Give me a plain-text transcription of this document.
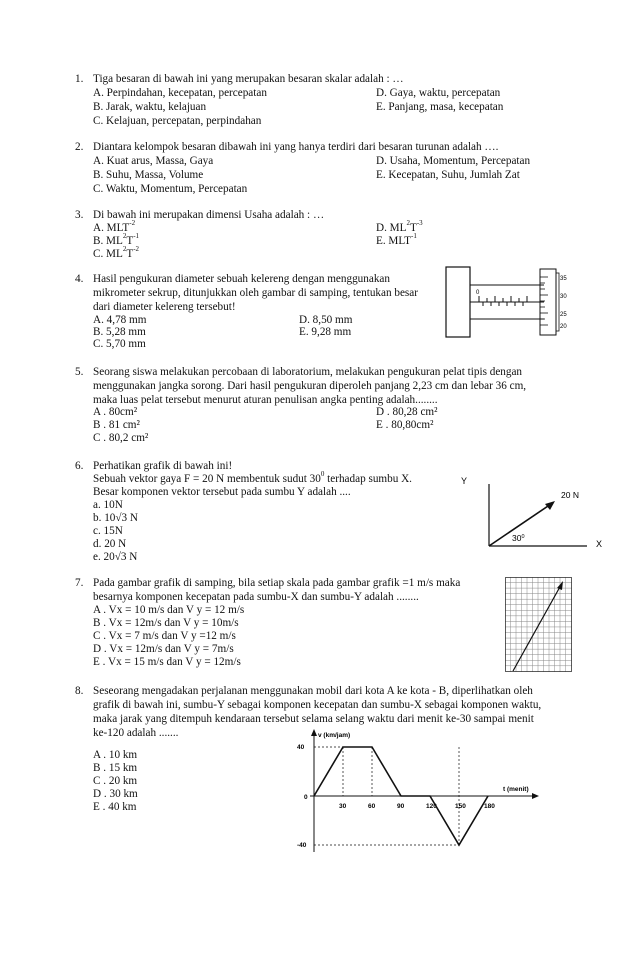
1. Tiga besaran di bawah ini yang merupakan besaran skalar adalah : …
A. Perpindahan, kecepatan, percepatan
B. Jarak, waktu, kelajuan
C. Kelajuan, percepatan, perpindahan
D. Gaya, waktu, percepatan
E. Panjang, masa, kecepatan
2. Diantara kelompok besaran dibawah ini yang hanya terdiri dari besaran turunan adalah ….
A. Kuat arus, Massa, Gaya
B. Suhu, Massa, Volume
C. Waktu, Momentum, Percepatan
D. Usaha, Momentum, Percepatan
E. Kecepatan, Suhu, Jumlah Zat
3. Di bawah ini merupakan dimensi Usaha adalah : …
A. $MLT^{-2}$
B. $ML^2T^{-1}$
C. $ML^2T^{-2}$
D. $ML^2T^{-3}$
E. $MLT^{-1}$
4. Hasil pengukuran diameter sebuah kelereng dengan menggunakan
mikrometer sekrup, ditunjukkan oleh gambar di samping, tentukan besar
dari diameter kelereng tersebut!
A. 4,78 mm
B. 5,28 mm
C. 5,70 mm
D. 8,50 mm
E. 9,28 mm
0
35
30
25
20
5. Seorang siswa melakukan percobaan di laboratorium, melakukan pengukuran pelat tipis dengan
menggunakan jangka sorong. Dari hasil pengukuran diperoleh panjang 2,23 cm dan lebar 36 cm,
maka luas pelat tersebut menurut aturan penulisan angka penting adalah........
A . 80cm²
B . 81 cm²
C . 80,2 cm²
D . 80,28 cm²
E . 80,80cm²
6. Perhatikan grafik di bawah ini!
Sebuah vektor gaya F = 20 N membentuk sudut $30^0$ terhadap sumbu X.
Besar komponen vektor tersebut pada sumbu Y adalah ....
a. 10N
b. 10√3 N
c. 15N
d. 20 N
e. 20√3 N
Y
X
20 N
$30^0$
7. Pada gambar grafik di samping, bila setiap skala pada gambar grafik =1 m/s maka
besarnya komponen kecepatan pada sumbu-X dan sumbu-Y adalah ........
A . Vx = 10 m/s dan V y = 12 m/s
B . Vx = 12m/s dan V y = 10m/s
C . Vx = 7 m/s dan V y =12 m/s
D . Vx = 12m/s dan V y = 7m/s
E . Vx = 15 m/s dan V y = 12m/s
8. Seseorang mengadakan perjalanan menggunakan mobil dari kota A ke kota - B, diperlihatkan oleh
grafik di bawah ini, sumbu-Y sebagai komponen kecepatan dan sumbu-X sebagai komponen waktu,
maka jarak yang ditempuh kendaraan tersebut selama selang waktu dari menit ke-30 sampai menit
ke-120 adalah .......
A . 10 km
B . 15 km
C . 20 km
D . 30 km
E . 40 km
0
30	60	90	120	150	180
40
-40
v (km/jam)
t (menit)
